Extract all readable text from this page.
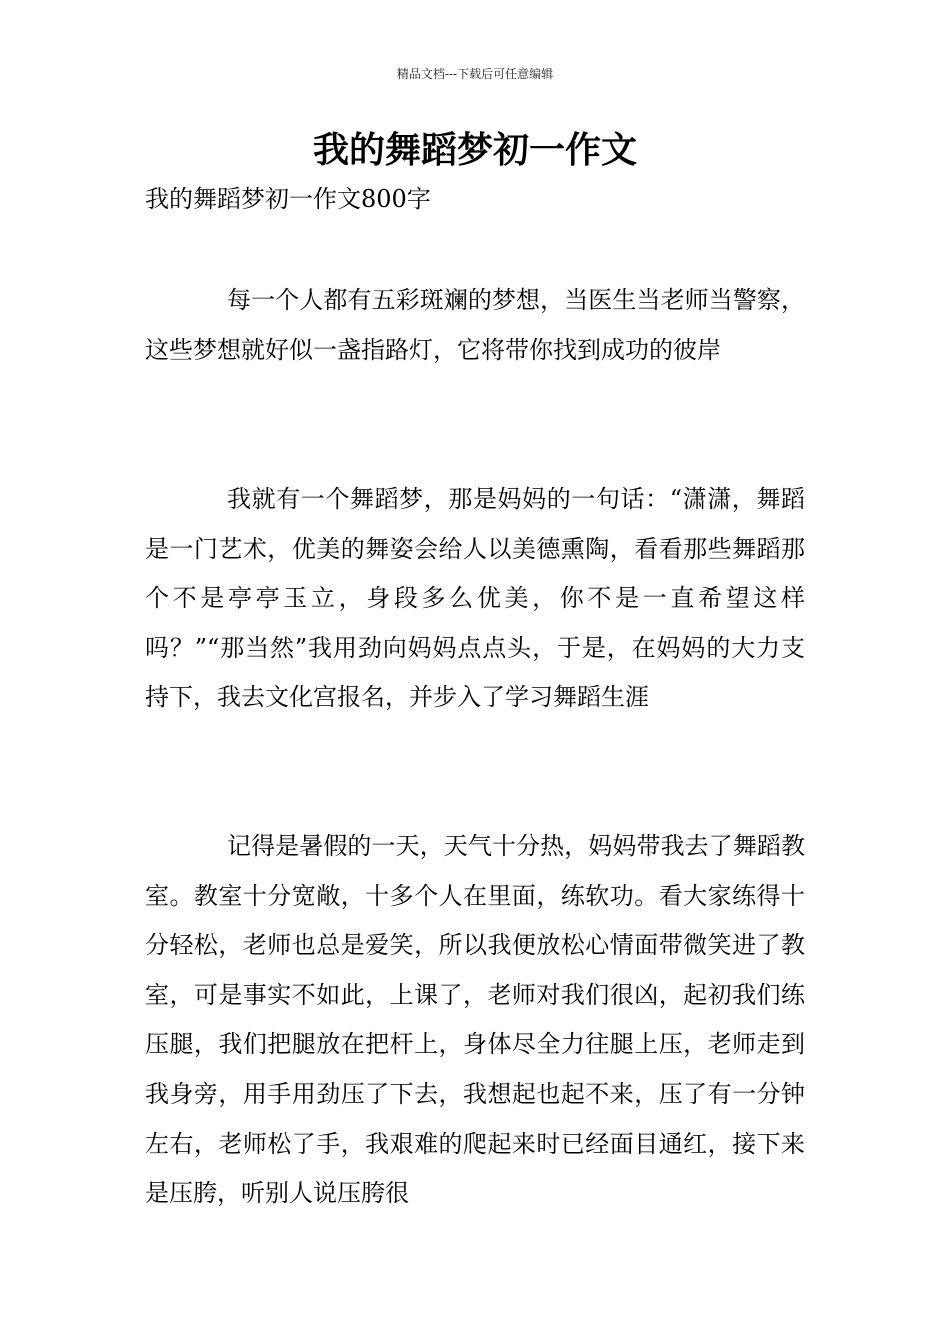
精品文档---下载后可任意编辑
我的舞蹈梦初一作文

我的舞蹈梦初一作文800字

每一个人都有五彩斑斓的梦想，当医生当老师当警察，这些梦想就好似一盏指路灯，它将带你找到成功的彼岸

我就有一个舞蹈梦，那是妈妈的一句话：“潇潇，舞蹈是一门艺术，优美的舞姿会给人以美德熏陶，看看那些舞蹈那个不是亭亭玉立，身段多么优美，你不是一直希望这样吗？”“那当然”我用劲向妈妈点点头，于是，在妈妈的大力支持下，我去文化宫报名，并步入了学习舞蹈生涯

记得是暑假的一天，天气十分热，妈妈带我去了舞蹈教室。教室十分宽敞，十多个人在里面，练软功。看大家练得十分轻松，老师也总是爱笑，所以我便放松心情面带微笑进了教室，可是事实不如此，上课了，老师对我们很凶，起初我们练压腿，我们把腿放在把杆上，身体尽全力往腿上压，老师走到我身旁，用手用劲压了下去，我想起也起不来，压了有一分钟左右，老师松了手，我艰难的爬起来时已经面目通红，接下来是压胯，听别人说压胯很
